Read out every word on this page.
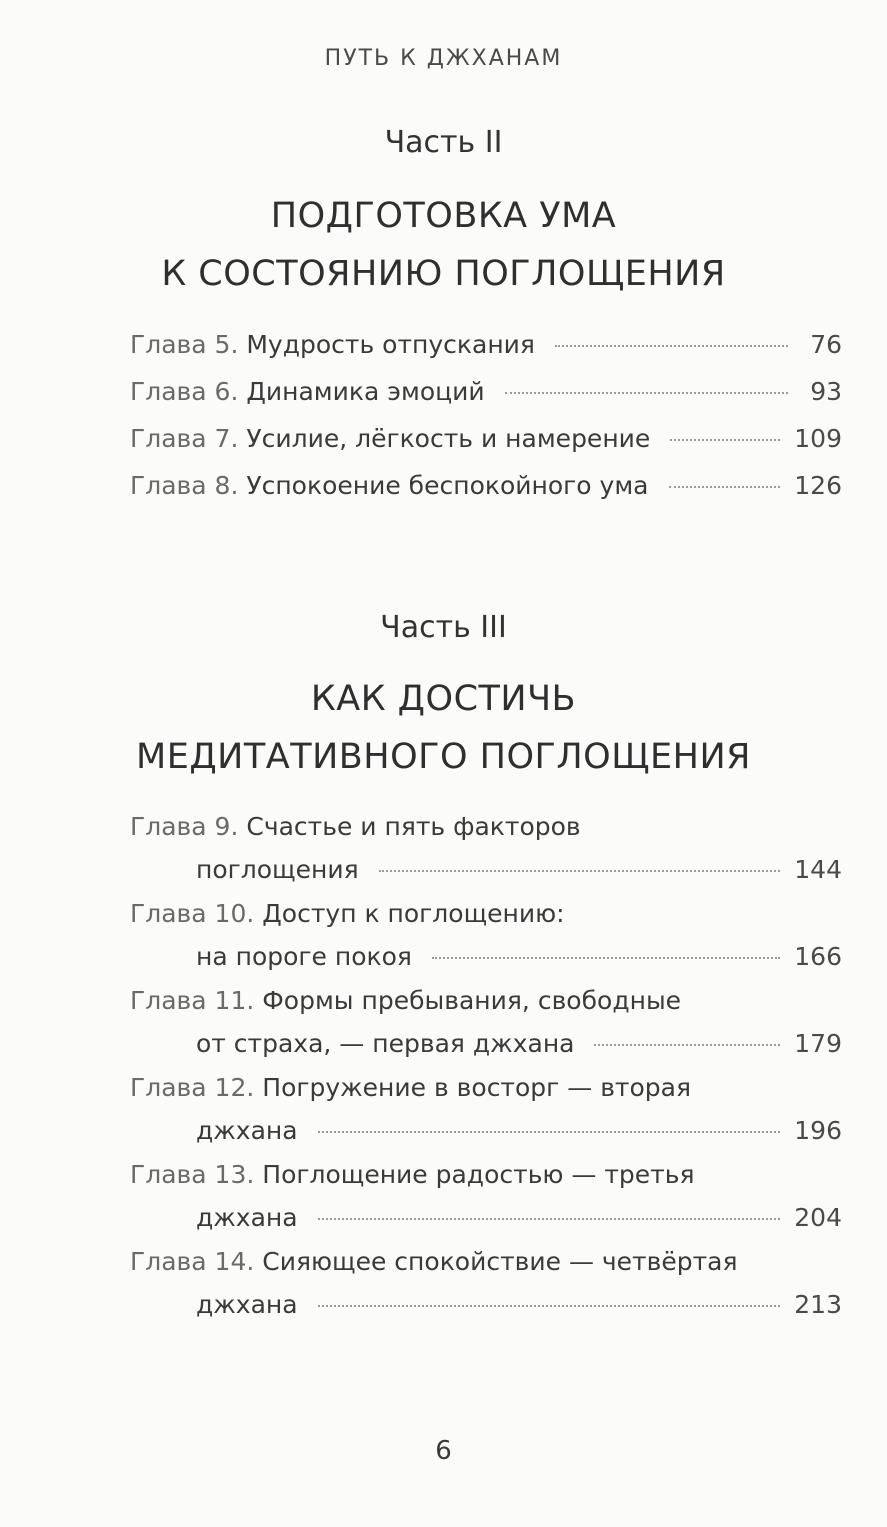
ПУТЬ К ДЖХАНАМ
Часть II
ПОДГОТОВКА УМА
К СОСТОЯНИЮ ПОГЛОЩЕНИЯ
Глава 5. Мудрость отпускания	76
Глава 6. Динамика эмоций	93
Глава 7. Усилие, лёгкость и намерение	109
Глава 8. Успокоение беспокойного ума	126
Часть III
КАК ДОСТИЧЬ
МЕДИТАТИВНОГО ПОГЛОЩЕНИЯ
Глава 9. Счастье и пять факторов
поглощения	144
Глава 10. Доступ к поглощению:
на пороге покоя	166
Глава 11. Формы пребывания, свободные
от страха, — первая джхана	179
Глава 12. Погружение в восторг — вторая
джхана	196
Глава 13. Поглощение радостью — третья
джхана	204
Глава 14. Сияющее спокойствие — четвёртая
джхана	213
6
